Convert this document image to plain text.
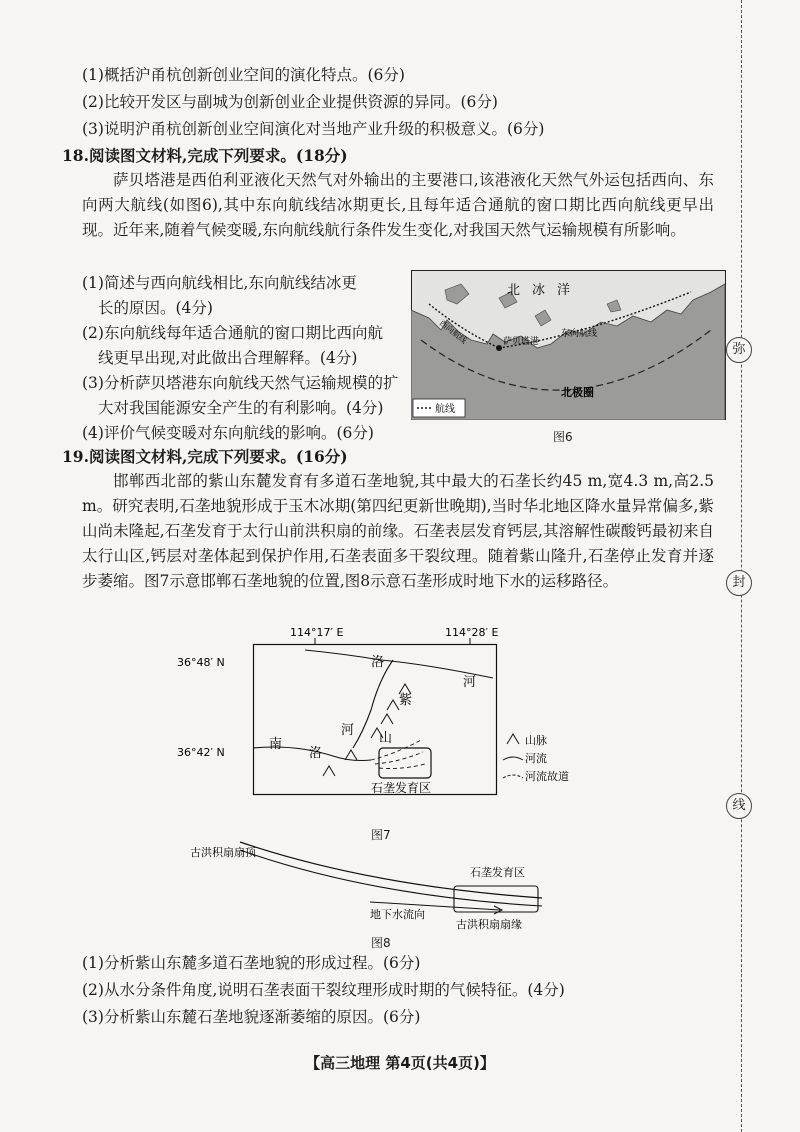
(1)概括沪甬杭创新创业空间的演化特点。(6分)
(2)比较开发区与副城为创新创业企业提供资源的异同。(6分)
(3)说明沪甬杭创新创业空间演化对当地产业升级的积极意义。(6分)
18.阅读图文材料,完成下列要求。(18分)
萨贝塔港是西伯利亚液化天然气对外输出的主要港口,该港液化天然气外运包括西向、东向两大航线(如图6),其中东向航线结冰期更长,且每年适合通航的窗口期比西向航线更早出现。近年来,随着气候变暖,东向航线航行条件发生变化,对我国天然气运输规模有所影响。
(1)简述与西向航线相比,东向航线结冰更
长的原因。(4分)
(2)东向航线每年适合通航的窗口期比西向航
线更早出现,对此做出合理解释。(4分)
(3)分析萨贝塔港东向航线天然气运输规模的扩
大对我国能源安全产生的有利影响。(4分)
(4)评价气候变暖对东向航线的影响。(6分)
北冰洋
萨贝塔港
东向航线
西向航线
北极圈
航线
图6
19.阅读图文材料,完成下列要求。(16分)
邯郸西北部的紫山东麓发育有多道石垄地貌,其中最大的石垄长约45 m,宽4.3 m,高2.5 m。研究表明,石垄地貌形成于玉木冰期(第四纪更新世晚期),当时华北地区降水量异常偏多,紫山尚未隆起,石垄发育于太行山前洪积扇的前缘。石垄表层发育钙层,其溶解性碳酸钙最初来自太行山区,钙层对垄体起到保护作用,石垄表面多干裂纹理。随着紫山隆升,石垄停止发育并逐步萎缩。图7示意邯郸石垄地貌的位置,图8示意石垄形成时地下水的运移路径。
114°17′ E	114°28′ E
36°48′ N
36°42′ N
洛
河
紫
山
河
南
洛
石垄发育区
山脉
河流
河流故道
图7
古洪积扇扇顶
石垄发育区
地下水流向
古洪积扇扇缘
图8
(1)分析紫山东麓多道石垄地貌的形成过程。(6分)
(2)从水分条件角度,说明石垄表面干裂纹理形成时期的气候特征。(4分)
(3)分析紫山东麓石垄地貌逐渐萎缩的原因。(6分)
【高三地理 第4页(共4页)】
弥
封
线
